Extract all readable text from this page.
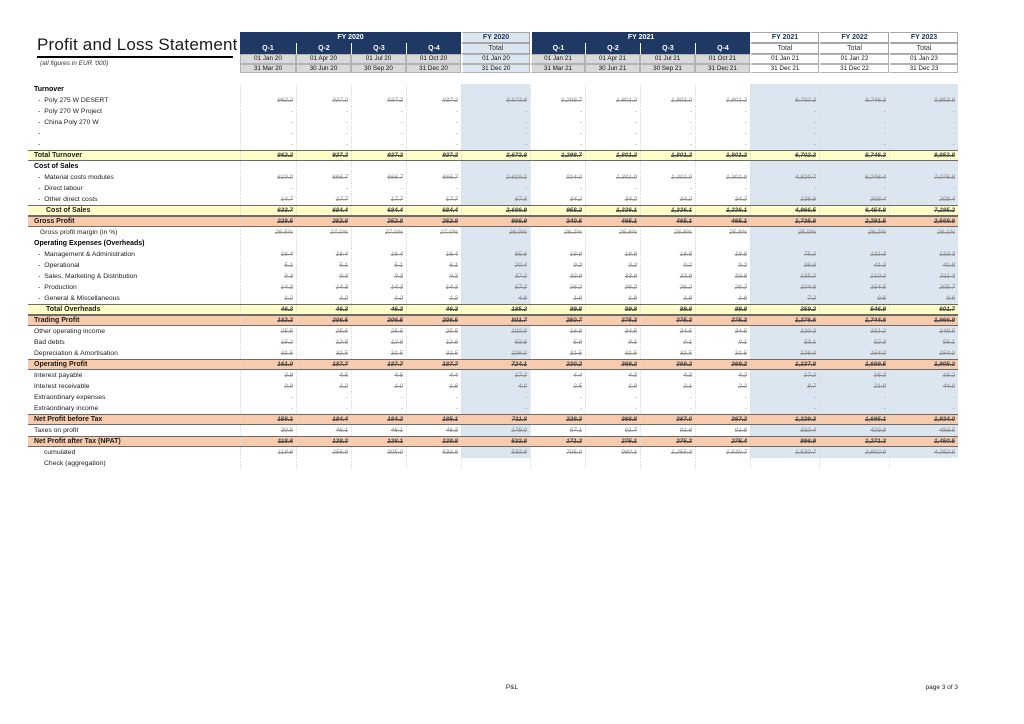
Profit and Loss Statement
(all figures in EUR '000)
FY 2020	FY 2020	FY 2021	FY 2021	FY 2022	FY 2023
Q-1	Q-2	Q-3	Q-4	Total	Q-1	Q-2	Q-3	Q-4	Total	Total	Total
01 Jan 20	01 Apr 20	01 Jul 20	01 Oct 20	01 Jan 20	01 Jan 21	01 Apr 21	01 Jul 21	01 Oct 21	01 Jan 21	01 Jan 22	01 Jan 23
31 Mar 20	30 Jun 20	30 Sep 20	31 Dec 20	31 Dec 20	31 Mar 21	30 Jun 21	30 Sep 21	31 Dec 21	31 Dec 21	31 Dec 22	31 Dec 23
Turnover
- Poly 275 W DESERT	862.2	937.2	937.2	937.2	3,673.8	1,298.7	1,801.2	1,801.2	1,801.2	6,702.3	8,746.3	9,853.8
- Poly 270 W Project	-	-	-	-	-	-	-	-	-	-	-	-
- China Poly 270 W	-	-	-	-	-	-	-	-	-	-	-	-
-	-	-	-	-	-	-	-	-	-	-	-	-
-	-	-	-	-	-	-	-	-	-	-	-	-
Total Turnover	862.2	937.2	937.2	937.2	3,673.8	1,298.7	1,801.2	1,801.2	1,801.2	6,702.3	8,746.3	9,853.8
Cost of Sales
- Material costs modules	619.0	666.7	666.7	666.7	2,619.1	924.0	1,301.9	1,301.9	1,301.9	4,829.7	6,246.4	7,076.8
- Direct labour	-	-	-	-	-	-	-	-	-	-	-	-
- Other direct costs	14.7	17.7	17.7	17.7	67.8	34.2	34.2	34.2	34.2	136.8	208.4	208.4
Cost of Sales	633.7	684.4	684.4	684.4	2,686.9	958.2	1,336.1	1,336.1	1,336.1	4,966.5	6,454.8	7,285.2
Gross Profit	228.5	252.8	252.8	252.8	986.9	340.5	465.1	465.1	465.1	1,735.8	2,291.5	2,568.6
Gross profit margin (in %)	26.5%	27.0%	27.0%	27.0%	26.9%	26.2%	25.8%	25.8%	25.8%	25.9%	26.2%	26.1%
Operating Expenses (Overheads)
- Management & Administration	16.4	16.4	16.4	16.4	65.6	18.8	18.8	18.8	18.8	75.2	131.3	133.3
- Operational	5.1	5.1	5.1	5.1	20.4	9.2	9.2	9.2	9.2	36.8	41.3	41.8
- Sales, Marketing & Distribution	9.3	9.3	9.3	9.3	37.2	33.8	33.8	33.8	33.8	135.2	210.2	211.3
- Production	14.3	14.3	14.3	14.3	57.2	26.2	26.2	26.2	26.2	104.8	154.5	205.7
- General & Miscellaneous	1.2	1.2	1.2	1.2	4.8	1.8	1.8	1.8	1.8	7.2	9.6	9.6
Total Overheads	46.3	46.3	46.3	46.3	185.2	89.8	89.8	89.8	89.8	359.2	546.9	601.7
Trading Profit	182.2	206.5	206.5	206.5	801.7	250.7	375.3	375.3	375.3	1,376.6	1,744.6	1,966.9
Other operating income	25.5	25.5	25.5	25.5	102.0	16.8	34.5	34.5	34.5	120.3	151.2	148.5
Bad debts	15.2	12.8	12.8	12.8	53.6	5.8	9.1	9.1	9.1	33.1	52.3	56.1
Depreciation & Amortisation	31.5	31.5	31.5	31.5	126.0	31.5	31.5	31.5	31.5	126.0	154.0	154.0
Operating Profit	161.0	187.7	187.7	187.7	724.1	230.2	369.2	369.2	369.2	1,337.8	1,689.5	1,905.3
Interest payable	3.8	4.5	4.5	4.4	17.2	4.4	4.3	4.3	4.2	17.2	16.3	16.2
Interest receivable	0.9	1.2	1.0	1.8	4.9	2.5	1.9	2.1	2.2	8.7	21.9	44.9
Extraordinary expenses	-	-	-	-	-	-	-	-	-	-	-	-
Extraordinary income	-	-	-	-	-	-	-	-	-	-	-	-
Net Profit before Tax	158.1	184.4	184.2	185.1	711.8	228.3	366.8	367.0	367.2	1,329.3	1,695.1	1,934.0
Taxes on profit	39.5	46.1	46.1	46.3	178.0	57.1	91.7	91.8	91.8	332.4	423.8	483.5
Net Profit after Tax (NPAT)	118.6	138.3	138.1	138.8	533.8	171.2	275.1	275.2	275.4	996.9	1,271.3	1,450.5
cumulated	118.6	256.9	395.0	533.8	533.8	705.0	980.1	1,255.3	1,530.7	1,530.7	2,802.0	4,252.5
Check (aggregation)
P&L	page 3 of 3
